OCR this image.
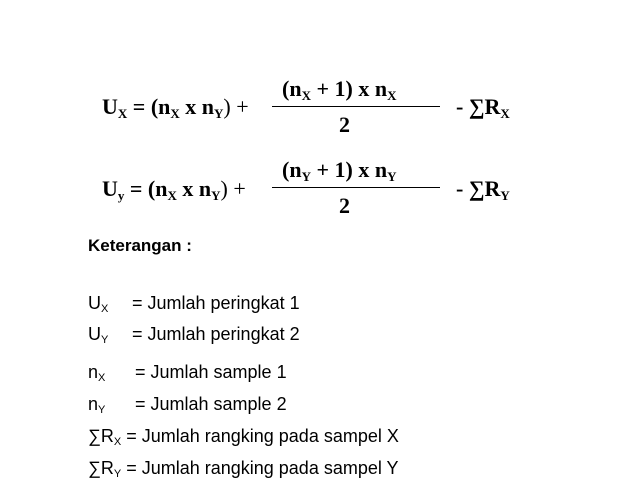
$U_X = (n_X$ x $n_Y$) +
$(n_X + 1)$ x $n_X$
2
- $\sum R_X$
$U_y = (n_X$ x $n_Y$) +
$(n_Y + 1)$ x $n_Y$
2
- $\sum R_Y$
Keterangan :
$U_X$ = Jumlah peringkat 1
$U_Y$ = Jumlah peringkat 2
$n_X$ = Jumlah sample 1
$n_Y$ = Jumlah sample 2
$\sum R_X$ = Jumlah rangking pada sampel X
$\sum R_Y$ = Jumlah rangking pada sampel Y
